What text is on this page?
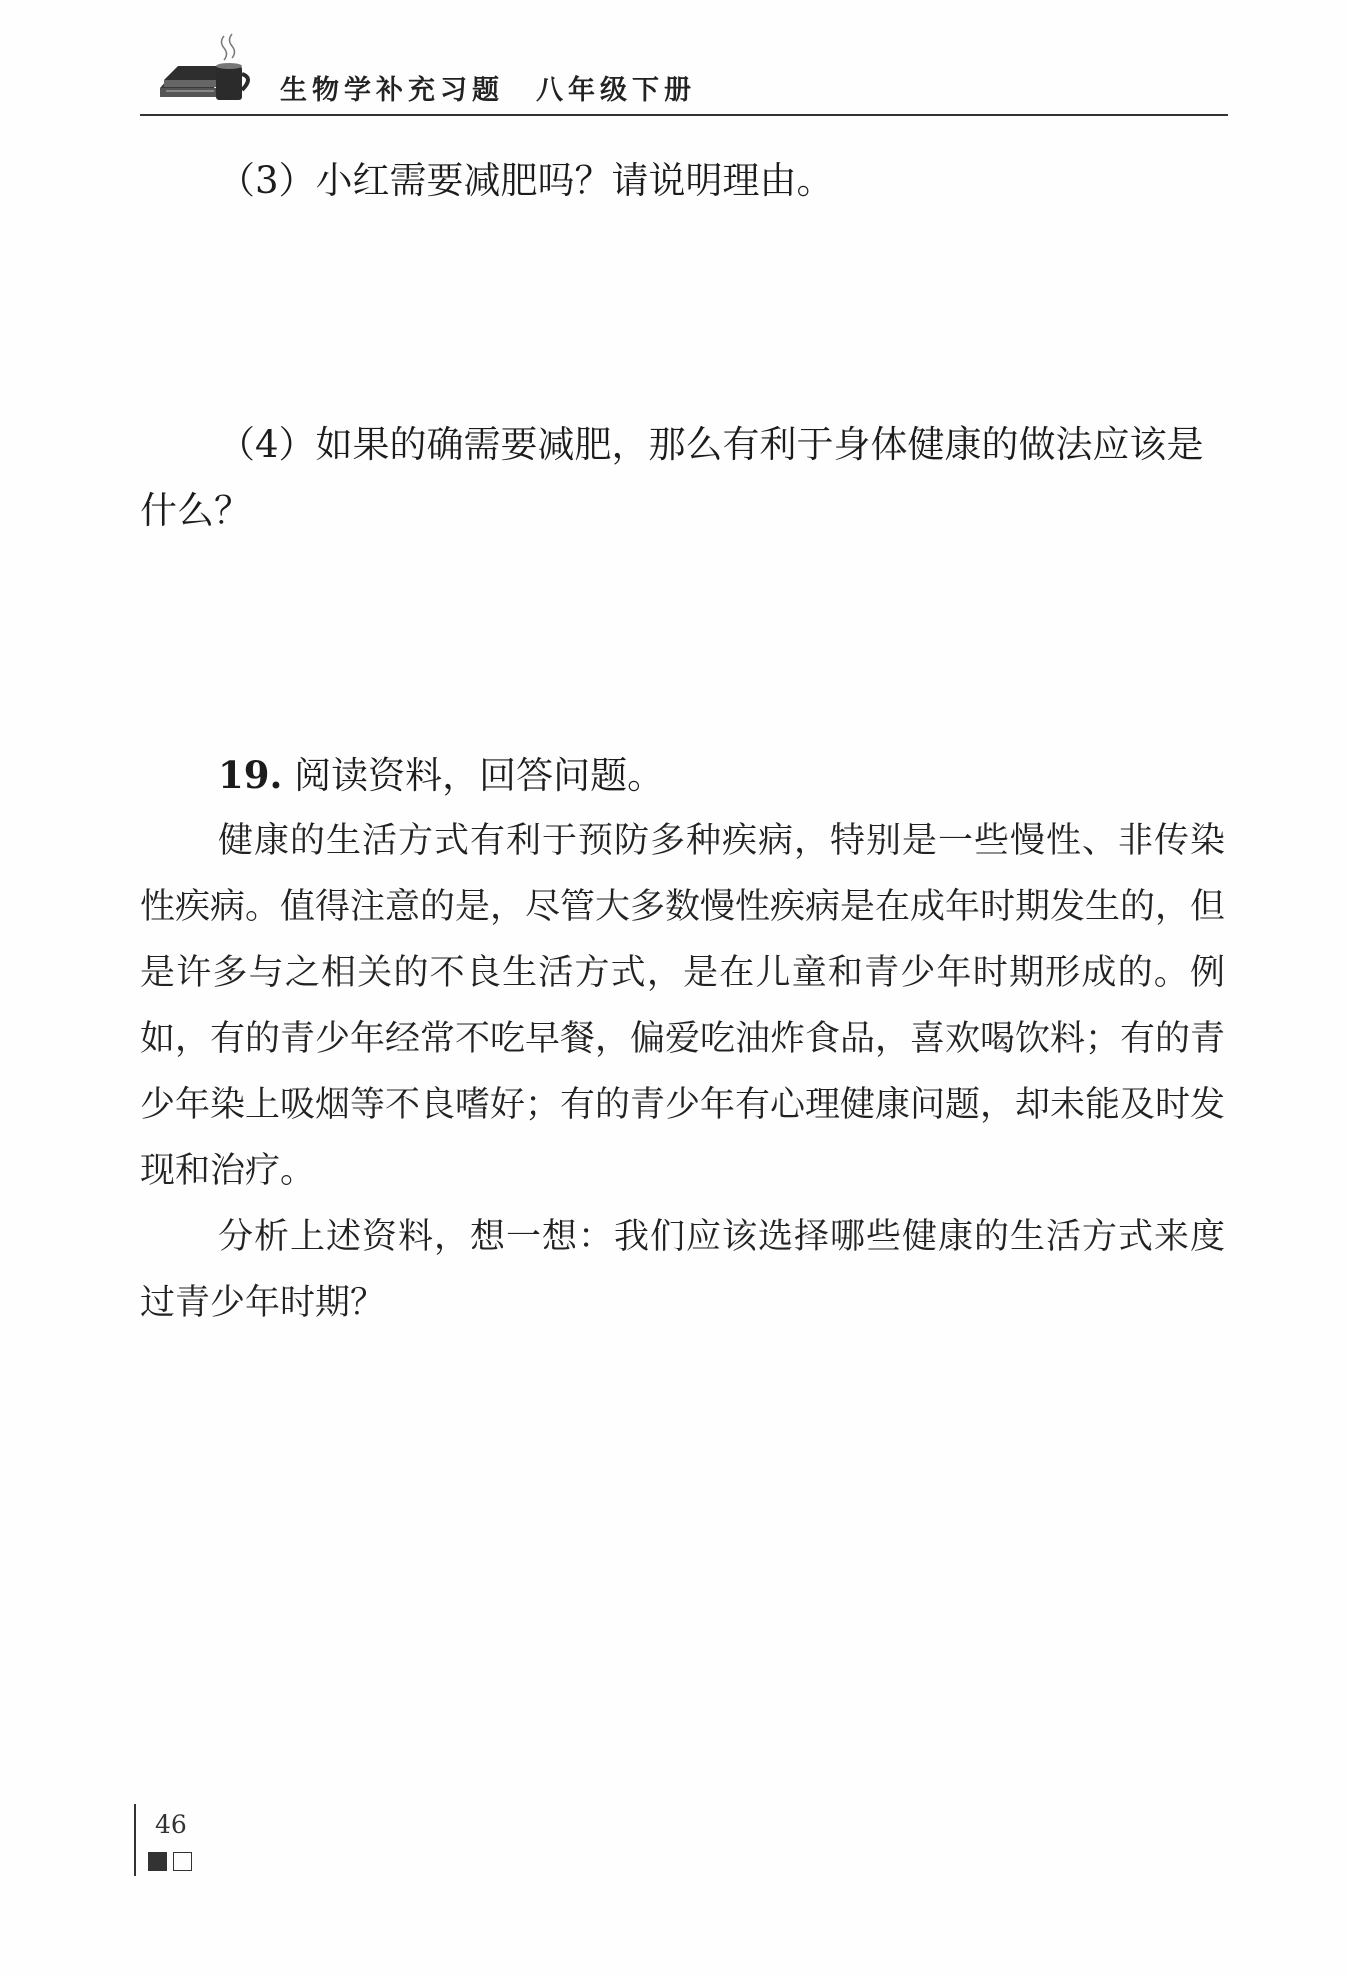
生物学补充习题　八年级下册
（3）小红需要减肥吗？请说明理由。
（4）如果的确需要减肥，那么有利于身体健康的做法应该是
什么？
19. 阅读资料，回答问题。

健康的生活方式有利于预防多种疾病，特别是一些慢性、非传染性疾病。值得注意的是，尽管大多数慢性疾病是在成年时期发生的，但是许多与之相关的不良生活方式，是在儿童和青少年时期形成的。例如，有的青少年经常不吃早餐，偏爱吃油炸食品，喜欢喝饮料；有的青少年染上吸烟等不良嗜好；有的青少年有心理健康问题，却未能及时发现和治疗。

分析上述资料，想一想：我们应该选择哪些健康的生活方式来度过青少年时期？

46
